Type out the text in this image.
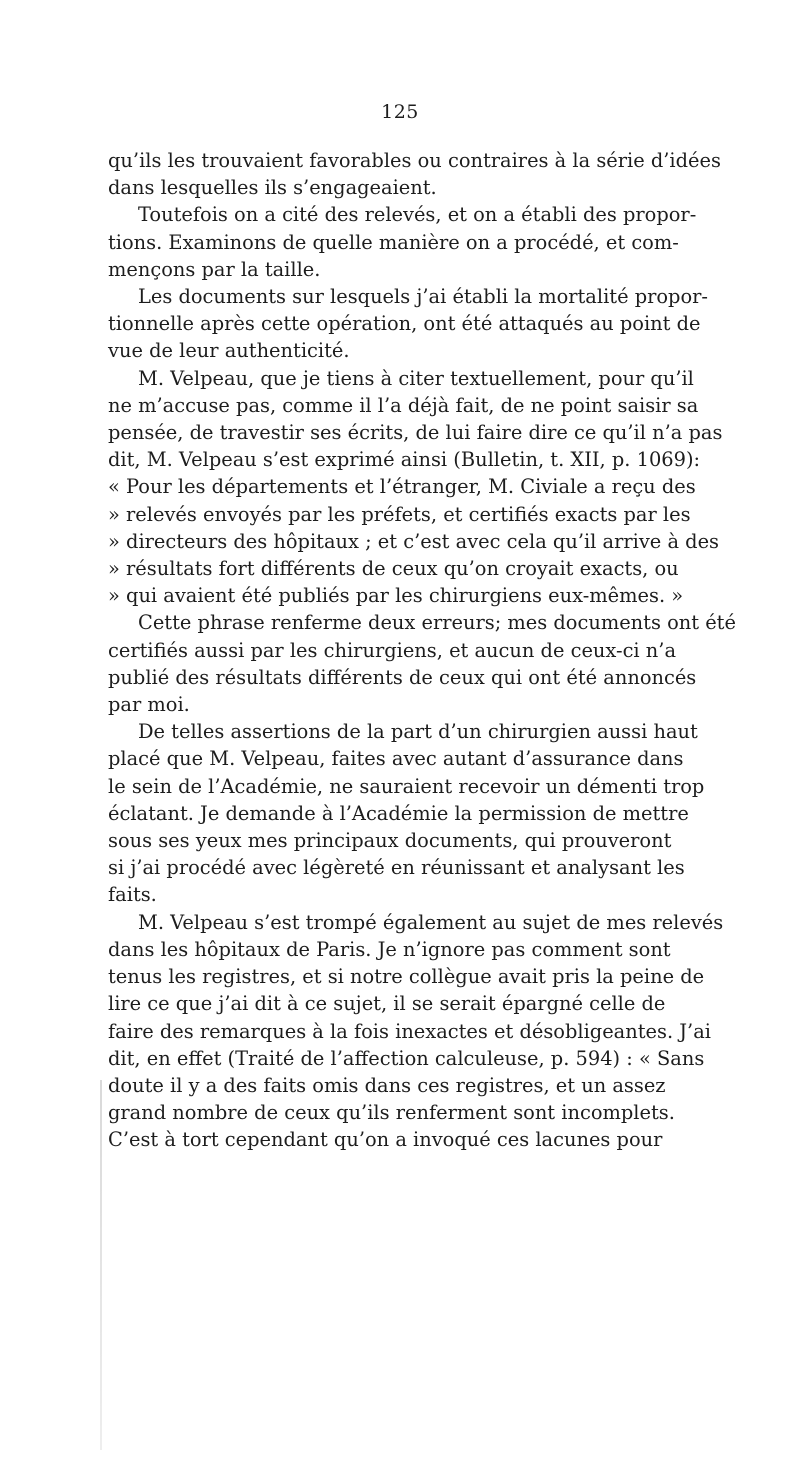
125
qu’ils les trouvaient favorables ou contraires à la série d’idées
dans lesquelles ils s’engageaient.
Toutefois on a cité des relevés, et on a établi des propor-
tions. Examinons de quelle manière on a procédé, et com-
mençons par la taille.
Les documents sur lesquels j’ai établi la mortalité propor-
tionnelle après cette opération, ont été attaqués au point de
vue de leur authenticité.
M. Velpeau, que je tiens à citer textuellement, pour qu’il
ne m’accuse pas, comme il l’a déjà fait, de ne point saisir sa
pensée, de travestir ses écrits, de lui faire dire ce qu’il n’a pas
dit, M. Velpeau s’est exprimé ainsi (Bulletin, t. XII, p. 1069):
« Pour les départements et l’étranger, M. Civiale a reçu des
» relevés envoyés par les préfets, et certifiés exacts par les
» directeurs des hôpitaux ; et c’est avec cela qu’il arrive à des
» résultats fort différents de ceux qu’on croyait exacts, ou
» qui avaient été publiés par les chirurgiens eux-mêmes. »
Cette phrase renferme deux erreurs; mes documents ont été
certifiés aussi par les chirurgiens, et aucun de ceux-ci n’a
publié des résultats différents de ceux qui ont été annoncés
par moi.
De telles assertions de la part d’un chirurgien aussi haut
placé que M. Velpeau, faites avec autant d’assurance dans
le sein de l’Académie, ne sauraient recevoir un démenti trop
éclatant. Je demande à l’Académie la permission de mettre
sous ses yeux mes principaux documents, qui prouveront
si j’ai procédé avec légèreté en réunissant et analysant les
faits.
M. Velpeau s’est trompé également au sujet de mes relevés
dans les hôpitaux de Paris. Je n’ignore pas comment sont
tenus les registres, et si notre collègue avait pris la peine de
lire ce que j’ai dit à ce sujet, il se serait épargné celle de
faire des remarques à la fois inexactes et désobligeantes. J’ai
dit, en effet (Traité de l’affection calculeuse, p. 594) : « Sans
doute il y a des faits omis dans ces registres, et un assez
grand nombre de ceux qu’ils renferment sont incomplets.
C’est à tort cependant qu’on a invoqué ces lacunes pour
